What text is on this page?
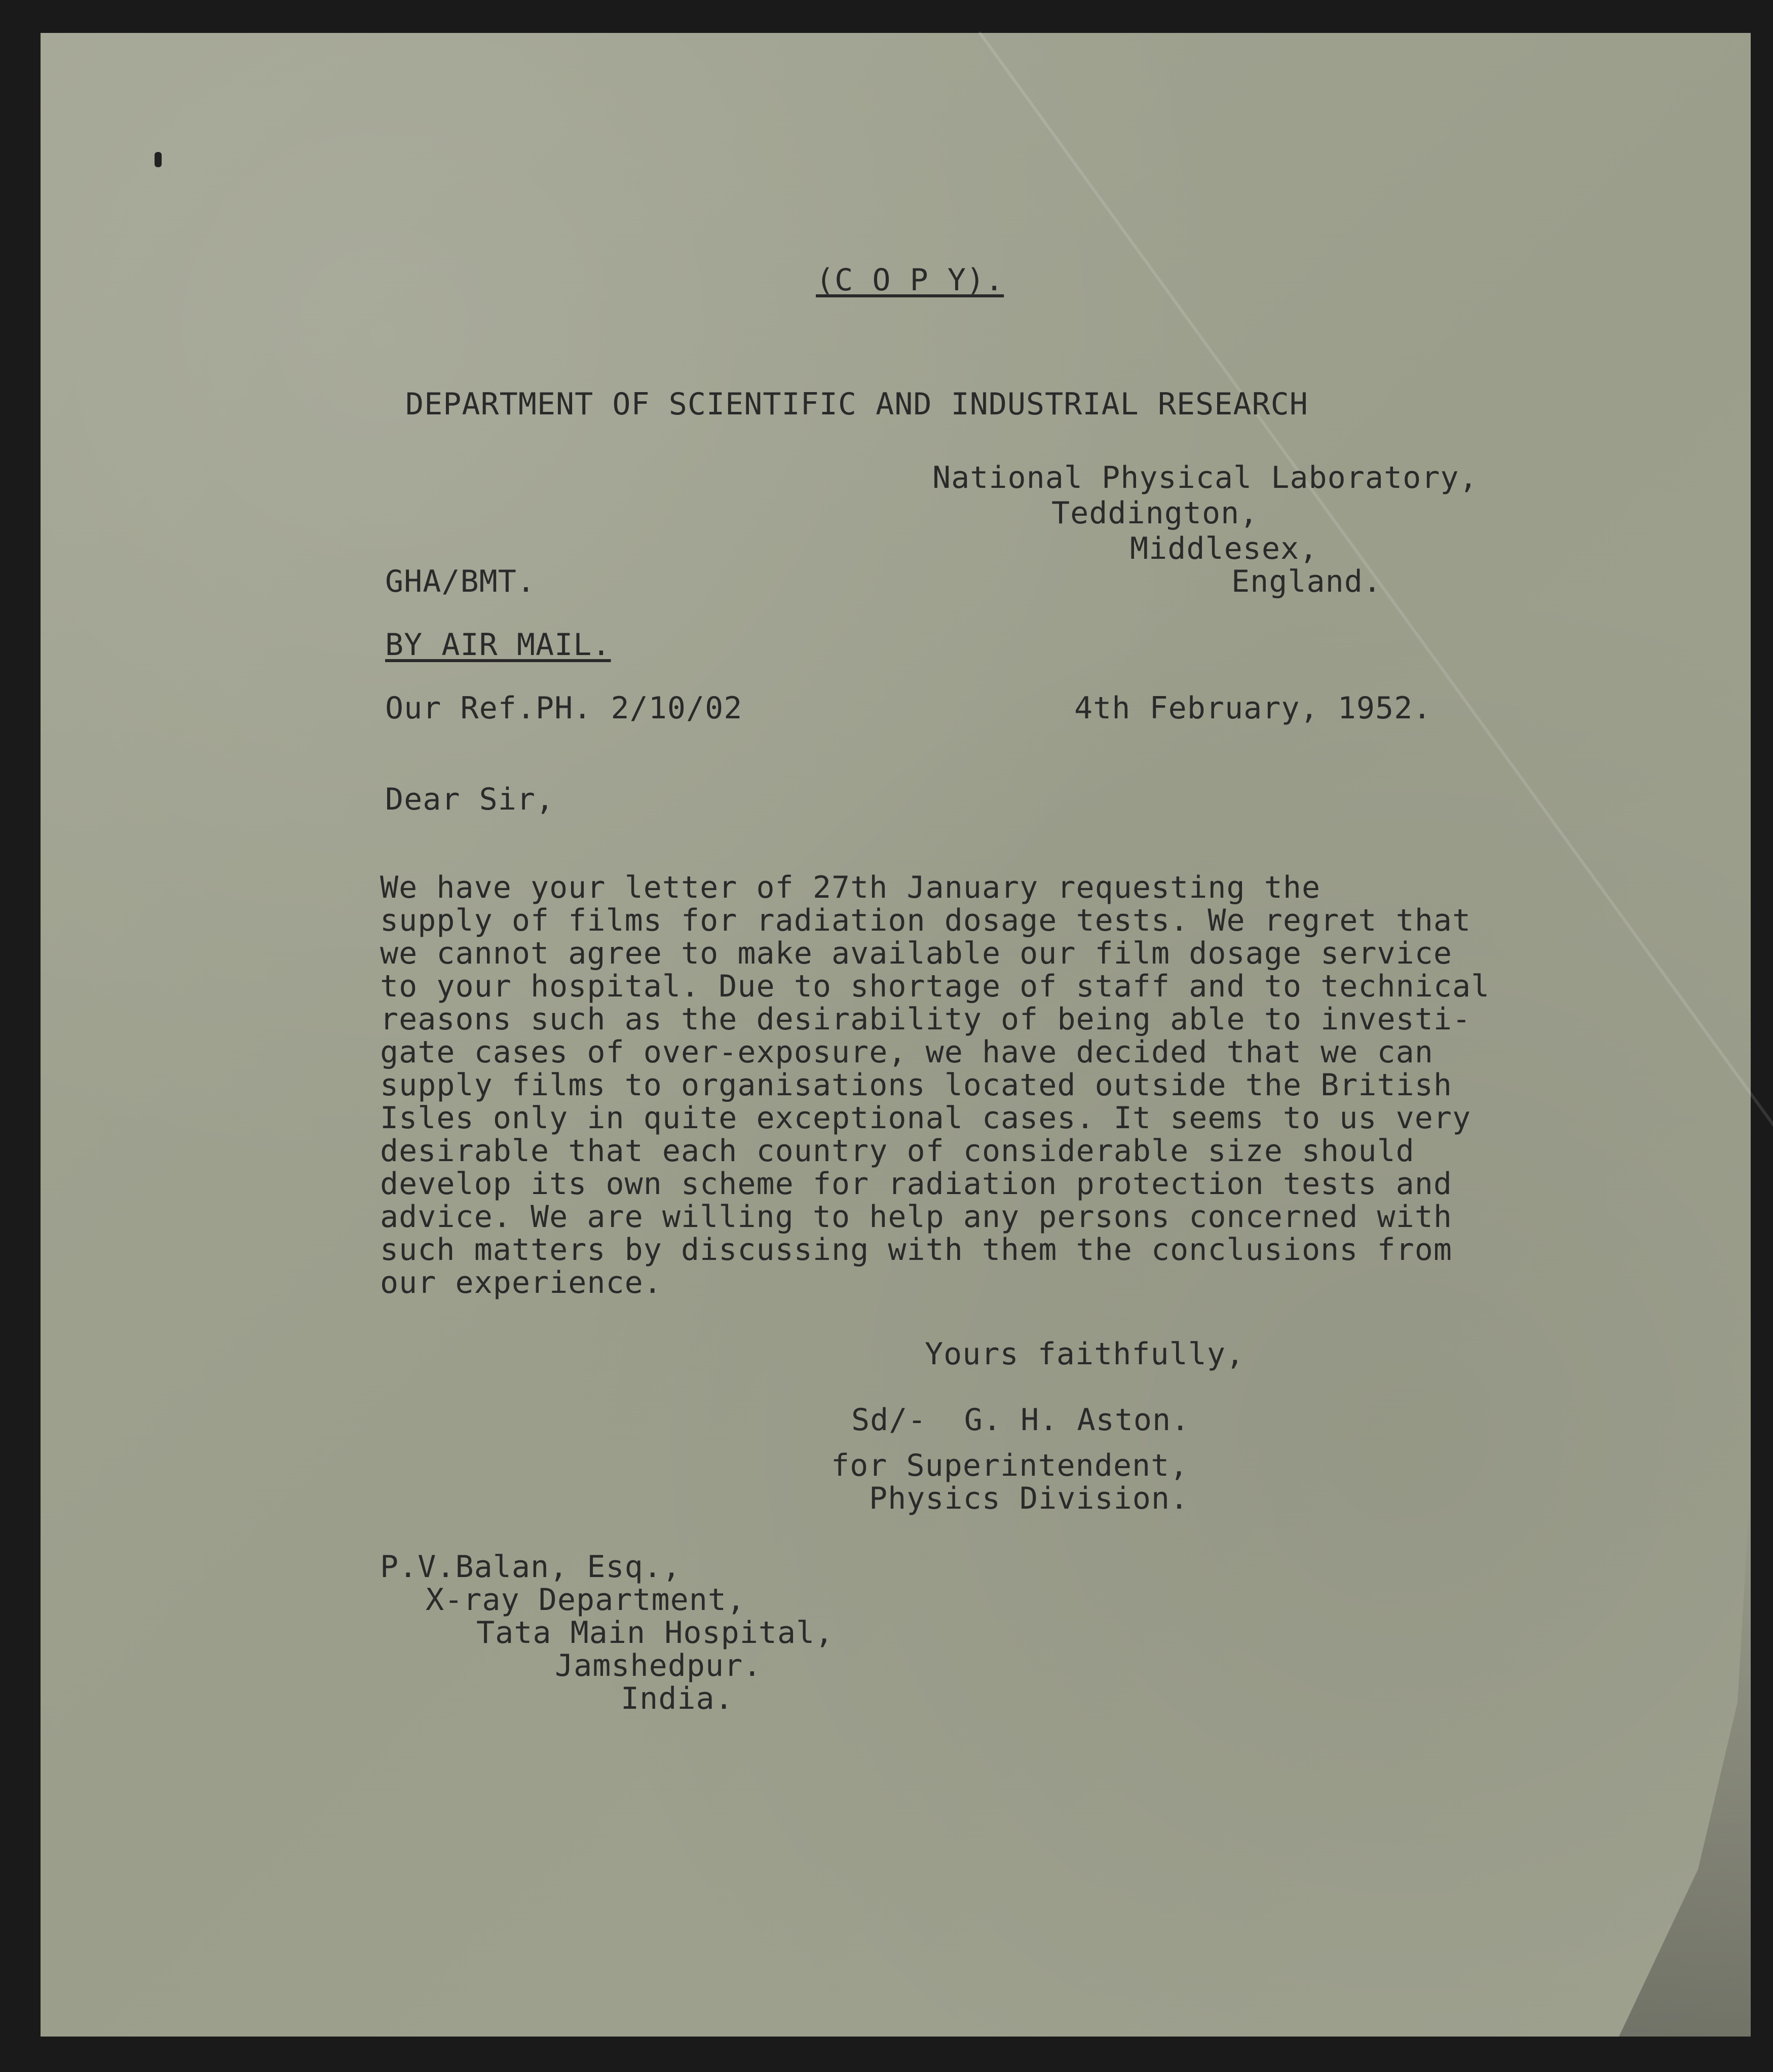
(C O P Y).
DEPARTMENT OF SCIENTIFIC AND INDUSTRIAL RESEARCH
National Physical Laboratory,
Teddington,
Middlesex,
England.
GHA/BMT.
BY AIR MAIL.
Our Ref.PH. 2/10/02	4th February, 1952.
Dear Sir,
We have your letter of 27th January requesting the
supply of films for radiation dosage tests. We regret that
we cannot agree to make available our film dosage service
to your hospital. Due to shortage of staff and to technical
reasons such as the desirability of being able to investi-
gate cases of over-exposure, we have decided that we can
supply films to organisations located outside the British
Isles only in quite exceptional cases. It seems to us very
desirable that each country of considerable size should
develop its own scheme for radiation protection tests and
advice. We are willing to help any persons concerned with
such matters by discussing with them the conclusions from
our experience.
Yours faithfully,
Sd/-  G. H. Aston.
for Superintendent,
Physics Division.
P.V.Balan, Esq.,
X-ray Department,
Tata Main Hospital,
Jamshedpur.
India.
